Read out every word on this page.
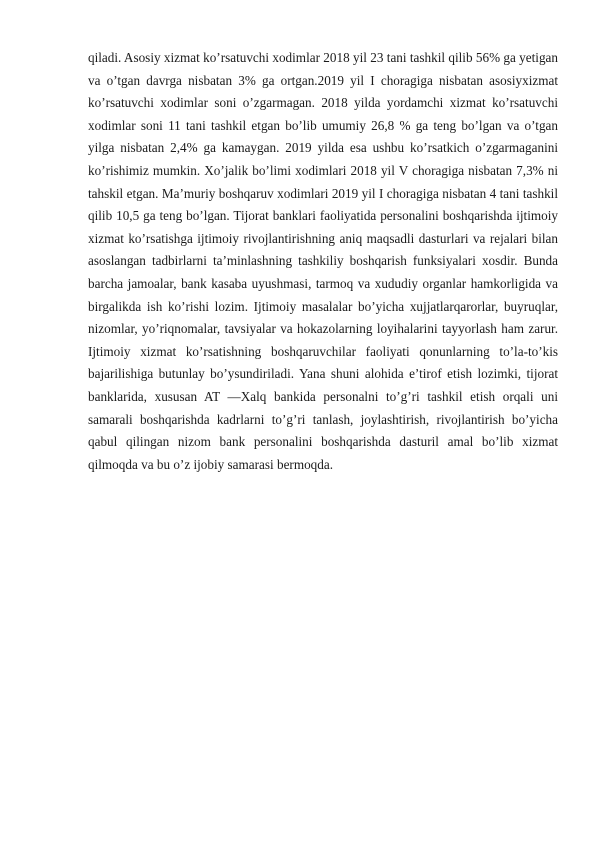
qiladi. Asosiy xizmat ko’rsatuvchi xodimlar 2018 yil 23 tani tashkil qilib 56% ga yetigan va o’tgan davrga nisbatan 3% ga ortgan.2019 yil I choragiga nisbatan asosiyxizmat ko’rsatuvchi xodimlar soni o’zgarmagan. 2018 yilda yordamchi xizmat ko’rsatuvchi xodimlar soni 11 tani tashkil etgan bo’lib umumiy 26,8 % ga teng bo’lgan va o’tgan yilga nisbatan 2,4% ga kamaygan. 2019 yilda esa ushbu ko’rsatkich o’zgarmaganini ko’rishimiz mumkin. Xo’jalik bo’limi xodimlari 2018 yil V choragiga nisbatan 7,3% ni tahskil etgan. Ma’muriy boshqaruv xodimlari 2019 yil I choragiga nisbatan 4 tani tashkil qilib 10,5 ga teng bo’lgan. Tijorat banklari faoliyatida personalini boshqarishda ijtimoiy xizmat ko’rsatishga ijtimoiy rivojlantirishning aniq maqsadli dasturlari va rejalari bilan asoslangan tadbirlarni ta’minlashning tashkiliy boshqarish funksiyalari xosdir. Bunda barcha jamoalar, bank kasaba uyushmasi, tarmoq va xududiy organlar hamkorligida va birgalikda ish ko’rishi lozim. Ijtimoiy masalalar bo’yicha xujjatlarqarorlar, buyruqlar, nizomlar, yo’riqnomalar, tavsiyalar va hokazolarning loyihalarini tayyorlash ham zarur. Ijtimoiy xizmat ko’rsatishning boshqaruvchilar faoliyati qonunlarning to’la-to’kis bajarilishiga butunlay bo’ysundiriladi. Yana shuni alohida e’tirof etish lozimki, tijorat banklarida, xususan AT ―Xalq bankida personalni to’g’ri tashkil etish orqali uni samarali boshqarishda kadrlarni to’g’ri tanlash, joylashtirish, rivojlantirish bo’yicha qabul qilingan nizom bank personalini boshqarishda dasturil amal bo’lib xizmat qilmoqda va bu o’z ijobiy samarasi bermoqda.
